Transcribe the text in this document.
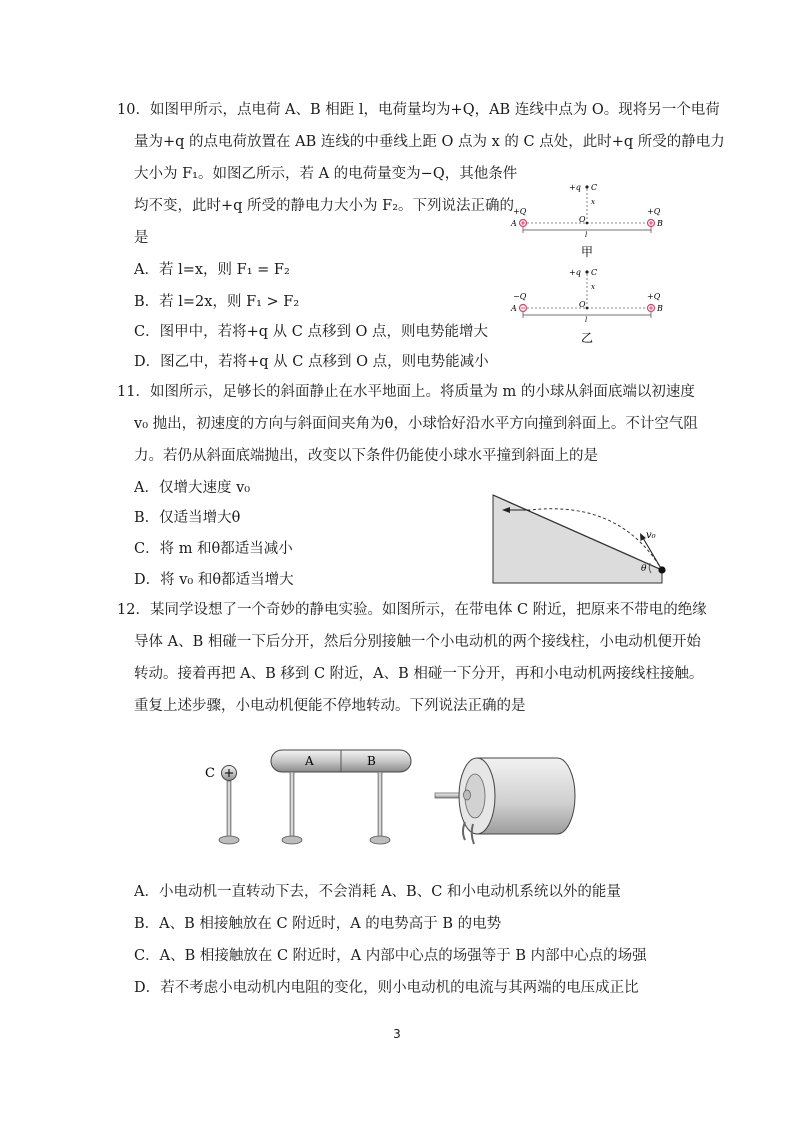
10．如图甲所示，点电荷 A、B 相距 l，电荷量均为+Q，AB 连线中点为 O。现将另一个电荷
量为+q 的点电荷放置在 AB 连线的中垂线上距 O 点为 x 的 C 点处，此时+q 所受的静电力
大小为 F₁。如图乙所示，若 A 的电荷量变为−Q，其他条件
均不变，此时+q 所受的静电力大小为 F₂。下列说法正确的
是
A．若 l=x，则 F₁ = F₂
B．若 l=2x，则 F₁ > F₂
C．图甲中，若将+q 从 C 点移到 O 点，则电势能增大
D．图乙中，若将+q 从 C 点移到 O 点，则电势能减小
+q C
x
+Q	+Q
A	B
O
l
甲
+q C
x
−Q	+Q
A	B
O
l
乙
11．如图所示，足够长的斜面静止在水平地面上。将质量为 m 的小球从斜面底端以初速度
v₀ 抛出，初速度的方向与斜面间夹角为θ，小球恰好沿水平方向撞到斜面上。不计空气阻
力。若仍从斜面底端抛出，改变以下条件仍能使小球水平撞到斜面上的是
A．仅增大速度 v₀
B．仅适当增大θ
C．将 m 和θ都适当减小
D．将 v₀ 和θ都适当增大
v₀
θ
12．某同学设想了一个奇妙的静电实验。如图所示，在带电体 C 附近，把原来不带电的绝缘
导体 A、B 相碰一下后分开，然后分别接触一个小电动机的两个接线柱，小电动机便开始
转动。接着再把 A、B 移到 C 附近，A、B 相碰一下分开，再和小电动机两接线柱接触。
重复上述步骤，小电动机便能不停地转动。下列说法正确的是
C
A	B
A．小电动机一直转动下去，不会消耗 A、B、C 和小电动机系统以外的能量
B．A、B 相接触放在 C 附近时，A 的电势高于 B 的电势
C．A、B 相接触放在 C 附近时，A 内部中心点的场强等于 B 内部中心点的场强
D．若不考虑小电动机内电阻的变化，则小电动机的电流与其两端的电压成正比
3
